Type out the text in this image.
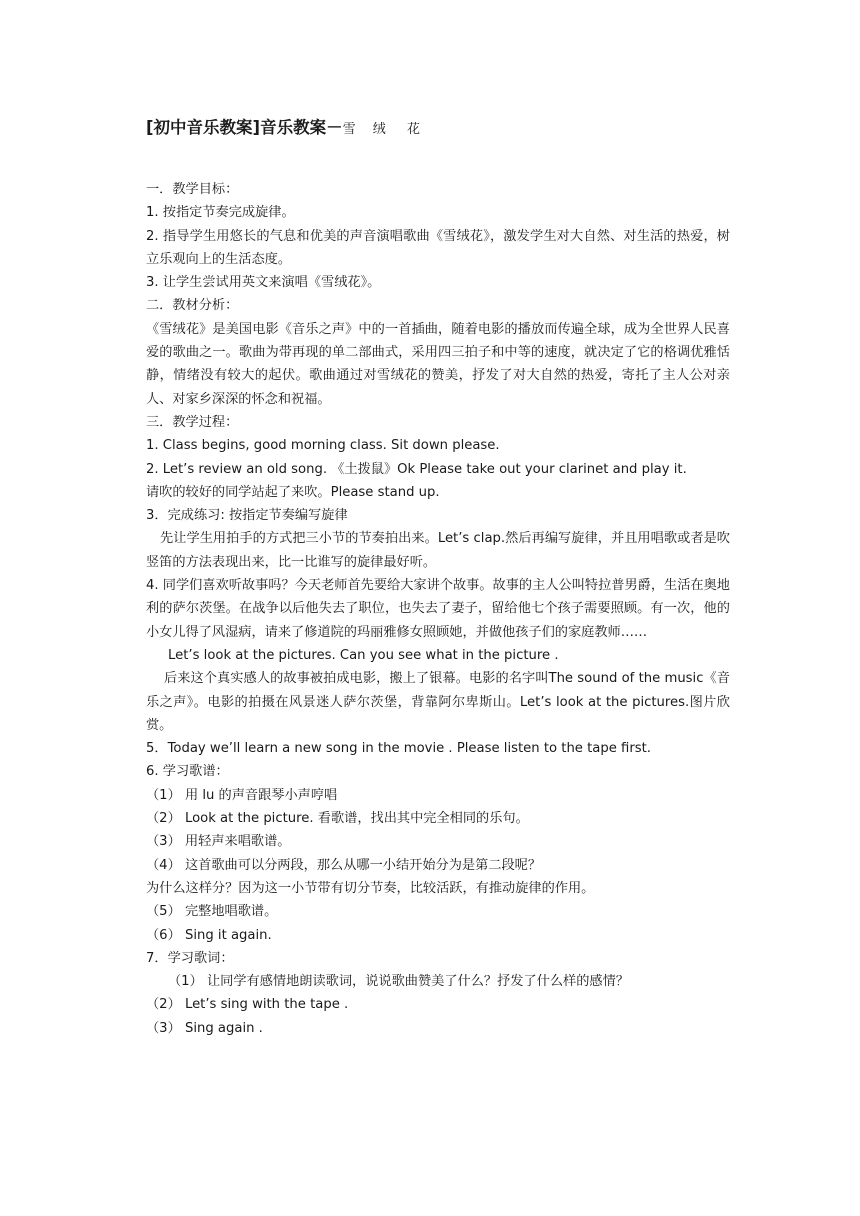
[初中音乐教案]音乐教案－雪　 绒 　 花

一．教学目标：

1. 按指定节奏完成旋律。

2. 指导学生用悠长的气息和优美的声音演唱歌曲《雪绒花》，激发学生对大自然、对生活的热爱，树立乐观向上的生活态度。

3. 让学生尝试用英文来演唱《雪绒花》。

二．教材分析：

《雪绒花》是美国电影《音乐之声》中的一首插曲，随着电影的播放而传遍全球，成为全世界人民喜爱的歌曲之一。歌曲为带再现的单二部曲式，采用四三拍子和中等的速度，就决定了它的格调优雅恬静，情绪没有较大的起伏。歌曲通过对雪绒花的赞美，抒发了对大自然的热爱，寄托了主人公对亲人、对家乡深深的怀念和祝福。

三．教学过程：

1. Class begins, good morning class. Sit down please.

2. Let’s review an old song. 《土拨鼠》Ok Please take out your clarinet and play it.

请吹的较好的同学站起了来吹。Please stand up.

3．完成练习: 按指定节奏编写旋律

先让学生用拍手的方式把三小节的节奏拍出来。Let’s clap.然后再编写旋律，并且用唱歌或者是吹竖笛的方法表现出来，比一比谁写的旋律最好听。

4. 同学们喜欢听故事吗？今天老师首先要给大家讲个故事。故事的主人公叫特拉普男爵，生活在奥地利的萨尔茨堡。在战争以后他失去了职位，也失去了妻子，留给他七个孩子需要照顾。有一次，他的小女儿得了风湿病，请来了修道院的玛丽雅修女照顾她，并做他孩子们的家庭教师……

Let’s look at the pictures. Can you see what in the picture .

后来这个真实感人的故事被拍成电影，搬上了银幕。电影的名字叫The sound of the music《音乐之声》。电影的拍摄在风景迷人萨尔茨堡，背靠阿尔卑斯山。Let’s look at the pictures.图片欣赏。

5．Today we’ll learn a new song in the movie . Please listen to the tape first.

6. 学习歌谱：

（1） 用 lu 的声音跟琴小声哼唱

（2） Look at the picture. 看歌谱，找出其中完全相同的乐句。

（3） 用轻声来唱歌谱。

（4） 这首歌曲可以分两段，那么从哪一小结开始分为是第二段呢？

为什么这样分？因为这一小节带有切分节奏，比较活跃，有推动旋律的作用。

（5） 完整地唱歌谱。

（6） Sing it again.

7．学习歌词：

（1） 让同学有感情地朗读歌词，说说歌曲赞美了什么？抒发了什么样的感情？

（2） Let’s sing with the tape .

（3） Sing again .
